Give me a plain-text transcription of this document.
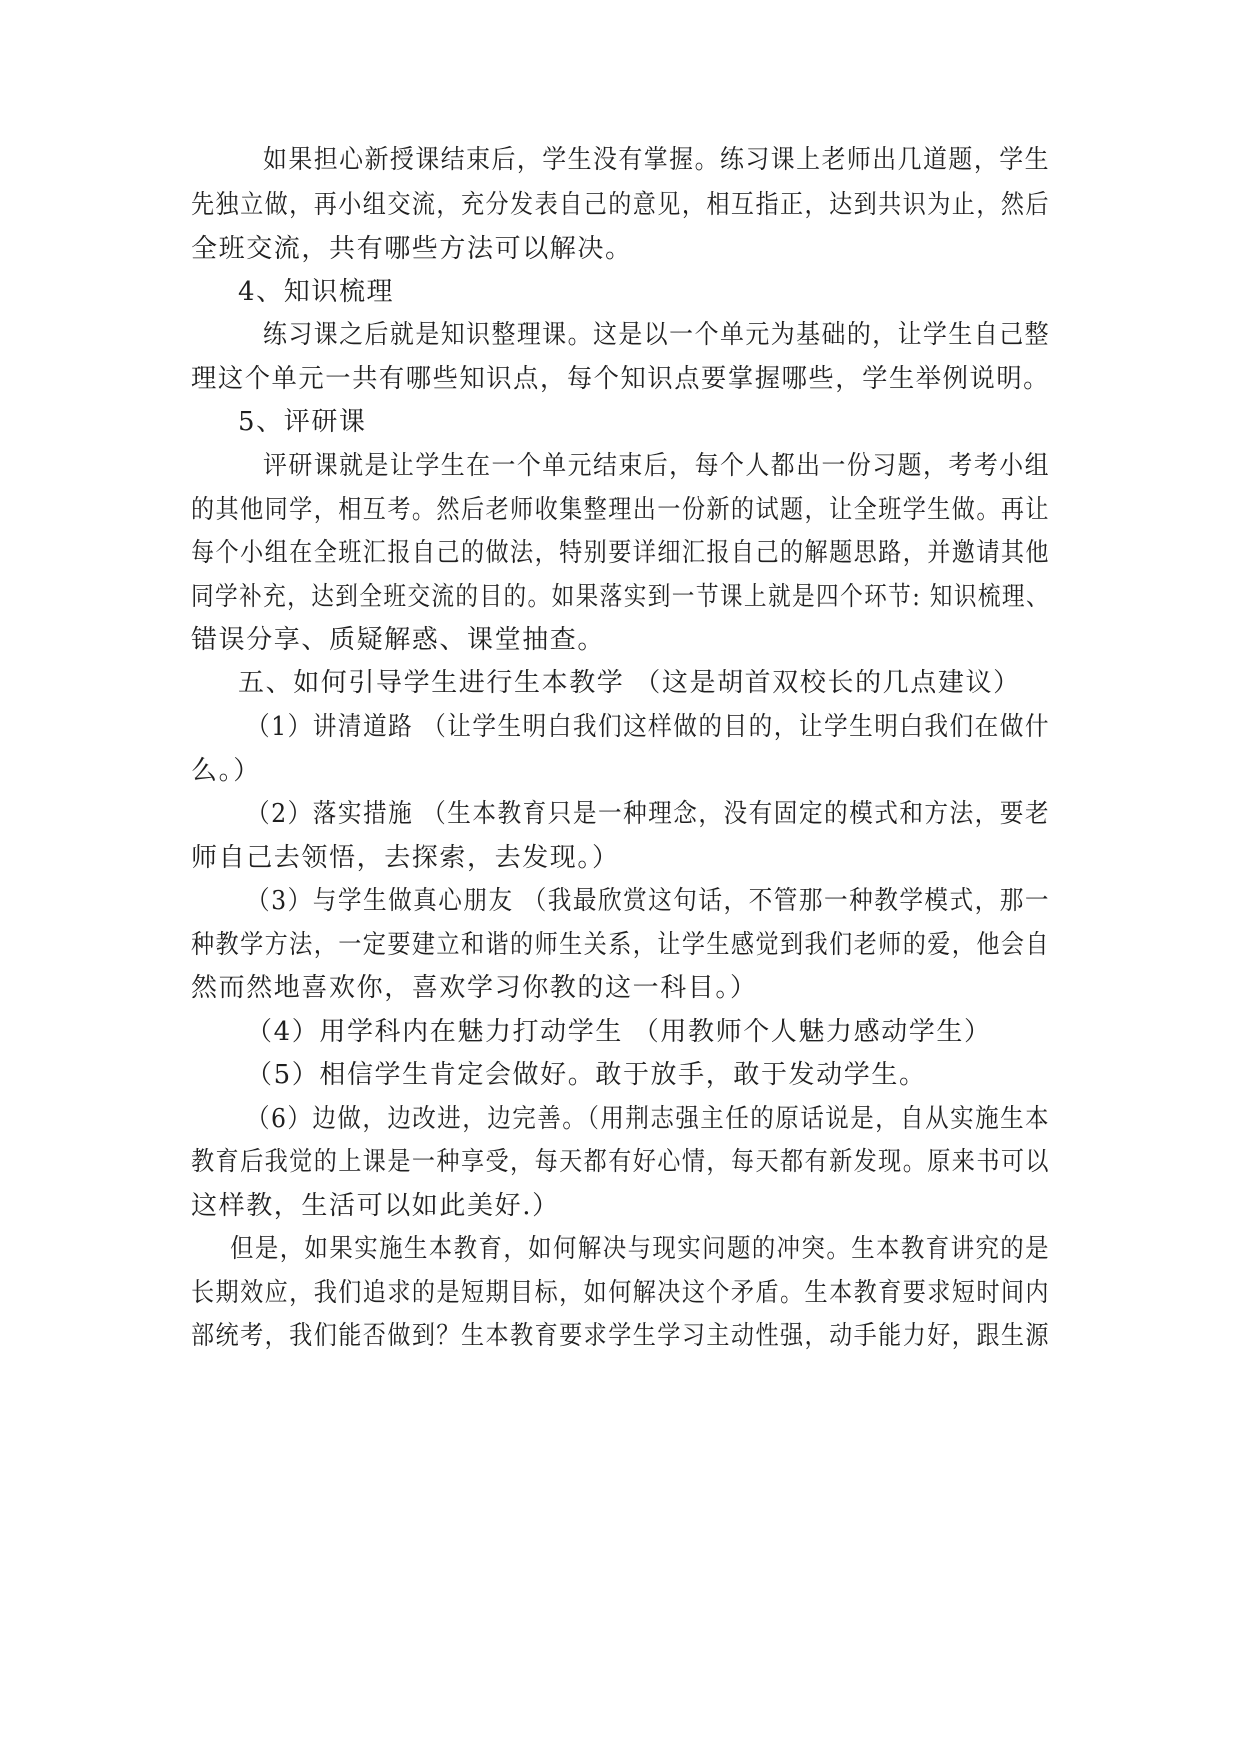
如果担心新授课结束后，学生没有掌握。练习课上老师出几道题，学生
先独立做，再小组交流，充分发表自己的意见，相互指正，达到共识为止，然后
全班交流，共有哪些方法可以解决。
4、知识梳理
练习课之后就是知识整理课。这是以一个单元为基础的，让学生自己整
理这个单元一共有哪些知识点，每个知识点要掌握哪些，学生举例说明。
5、评研课
评研课就是让学生在一个单元结束后，每个人都出一份习题，考考小组
的其他同学，相互考。然后老师收集整理出一份新的试题，让全班学生做。再让
每个小组在全班汇报自己的做法，特别要详细汇报自己的解题思路，并邀请其他
同学补充，达到全班交流的目的。如果落实到一节课上就是四个环节: 知识梳理、
错误分享、质疑解惑、课堂抽查。
五、如何引导学生进行生本教学 （这是胡首双校长的几点建议）
（1）讲清道路 （让学生明白我们这样做的目的，让学生明白我们在做什
么。）
（2）落实措施 （生本教育只是一种理念，没有固定的模式和方法，要老
师自己去领悟，去探索，去发现。）
（3）与学生做真心朋友 （我最欣赏这句话，不管那一种教学模式，那一
种教学方法，一定要建立和谐的师生关系，让学生感觉到我们老师的爱，他会自
然而然地喜欢你，喜欢学习你教的这一科目。）
（4）用学科内在魅力打动学生 （用教师个人魅力感动学生）
（5）相信学生肯定会做好。敢于放手，敢于发动学生。
（6）边做，边改进，边完善。（用荆志强主任的原话说是，自从实施生本
教育后我觉的上课是一种享受，每天都有好心情，每天都有新发现。原来书可以
这样教，生活可以如此美好.）
但是，如果实施生本教育，如何解决与现实问题的冲突。生本教育讲究的是
长期效应，我们追求的是短期目标，如何解决这个矛盾。生本教育要求短时间内
部统考，我们能否做到？生本教育要求学生学习主动性强，动手能力好，跟生源
